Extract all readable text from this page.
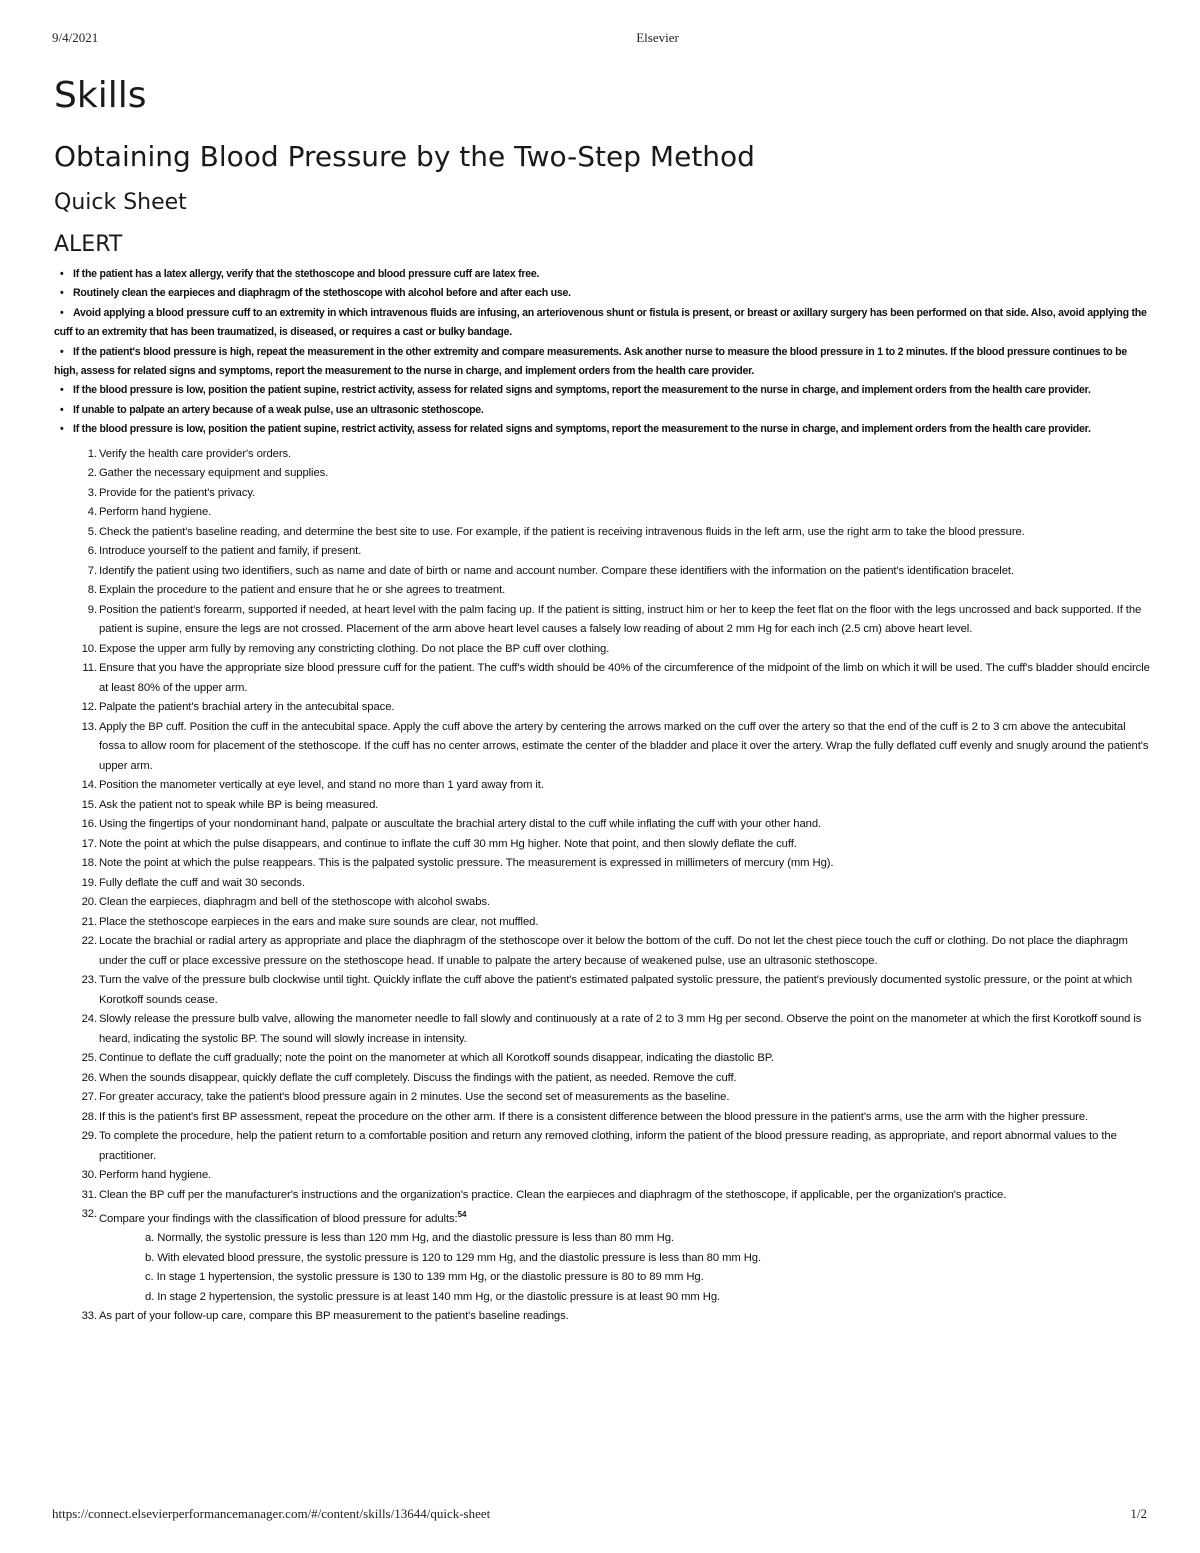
9/4/2021	Elsevier
Skills
Obtaining Blood Pressure by the Two-Step Method
Quick Sheet
ALERT
• If the patient has a latex allergy, verify that the stethoscope and blood pressure cuff are latex free.
• Routinely clean the earpieces and diaphragm of the stethoscope with alcohol before and after each use.
• Avoid applying a blood pressure cuff to an extremity in which intravenous fluids are infusing, an arteriovenous shunt or fistula is present, or breast or axillary surgery has been performed on that side. Also, avoid applying the cuff to an extremity that has been traumatized, is diseased, or requires a cast or bulky bandage.
• If the patient's blood pressure is high, repeat the measurement in the other extremity and compare measurements. Ask another nurse to measure the blood pressure in 1 to 2 minutes. If the blood pressure continues to be high, assess for related signs and symptoms, report the measurement to the nurse in charge, and implement orders from the health care provider.
• If the blood pressure is low, position the patient supine, restrict activity, assess for related signs and symptoms, report the measurement to the nurse in charge, and implement orders from the health care provider.
• If unable to palpate an artery because of a weak pulse, use an ultrasonic stethoscope.
• If the blood pressure is low, position the patient supine, restrict activity, assess for related signs and symptoms, report the measurement to the nurse in charge, and implement orders from the health care provider.
1. Verify the health care provider's orders.
2. Gather the necessary equipment and supplies.
3. Provide for the patient's privacy.
4. Perform hand hygiene.
5. Check the patient's baseline reading, and determine the best site to use. For example, if the patient is receiving intravenous fluids in the left arm, use the right arm to take the blood pressure.
6. Introduce yourself to the patient and family, if present.
7. Identify the patient using two identifiers, such as name and date of birth or name and account number. Compare these identifiers with the information on the patient's identification bracelet.
8. Explain the procedure to the patient and ensure that he or she agrees to treatment.
9. Position the patient's forearm, supported if needed, at heart level with the palm facing up. If the patient is sitting, instruct him or her to keep the feet flat on the floor with the legs uncrossed and back supported. If the patient is supine, ensure the legs are not crossed. Placement of the arm above heart level causes a falsely low reading of about 2 mm Hg for each inch (2.5 cm) above heart level.
10. Expose the upper arm fully by removing any constricting clothing. Do not place the BP cuff over clothing.
11. Ensure that you have the appropriate size blood pressure cuff for the patient. The cuff's width should be 40% of the circumference of the midpoint of the limb on which it will be used. The cuff's bladder should encircle at least 80% of the upper arm.
12. Palpate the patient's brachial artery in the antecubital space.
13. Apply the BP cuff. Position the cuff in the antecubital space. Apply the cuff above the artery by centering the arrows marked on the cuff over the artery so that the end of the cuff is 2 to 3 cm above the antecubital fossa to allow room for placement of the stethoscope. If the cuff has no center arrows, estimate the center of the bladder and place it over the artery. Wrap the fully deflated cuff evenly and snugly around the patient's upper arm.
14. Position the manometer vertically at eye level, and stand no more than 1 yard away from it.
15. Ask the patient not to speak while BP is being measured.
16. Using the fingertips of your nondominant hand, palpate or auscultate the brachial artery distal to the cuff while inflating the cuff with your other hand.
17. Note the point at which the pulse disappears, and continue to inflate the cuff 30 mm Hg higher. Note that point, and then slowly deflate the cuff.
18. Note the point at which the pulse reappears. This is the palpated systolic pressure. The measurement is expressed in millimeters of mercury (mm Hg).
19. Fully deflate the cuff and wait 30 seconds.
20. Clean the earpieces, diaphragm and bell of the stethoscope with alcohol swabs.
21. Place the stethoscope earpieces in the ears and make sure sounds are clear, not muffled.
22. Locate the brachial or radial artery as appropriate and place the diaphragm of the stethoscope over it below the bottom of the cuff. Do not let the chest piece touch the cuff or clothing. Do not place the diaphragm under the cuff or place excessive pressure on the stethoscope head. If unable to palpate the artery because of weakened pulse, use an ultrasonic stethoscope.
23. Turn the valve of the pressure bulb clockwise until tight. Quickly inflate the cuff above the patient's estimated palpated systolic pressure, the patient's previously documented systolic pressure, or the point at which Korotkoff sounds cease.
24. Slowly release the pressure bulb valve, allowing the manometer needle to fall slowly and continuously at a rate of 2 to 3 mm Hg per second. Observe the point on the manometer at which the first Korotkoff sound is heard, indicating the systolic BP. The sound will slowly increase in intensity.
25. Continue to deflate the cuff gradually; note the point on the manometer at which all Korotkoff sounds disappear, indicating the diastolic BP.
26. When the sounds disappear, quickly deflate the cuff completely. Discuss the findings with the patient, as needed. Remove the cuff.
27. For greater accuracy, take the patient's blood pressure again in 2 minutes. Use the second set of measurements as the baseline.
28. If this is the patient's first BP assessment, repeat the procedure on the other arm. If there is a consistent difference between the blood pressure in the patient's arms, use the arm with the higher pressure.
29. To complete the procedure, help the patient return to a comfortable position and return any removed clothing, inform the patient of the blood pressure reading, as appropriate, and report abnormal values to the practitioner.
30. Perform hand hygiene.
31. Clean the BP cuff per the manufacturer's instructions and the organization's practice. Clean the earpieces and diaphragm of the stethoscope, if applicable, per the organization's practice.
32. Compare your findings with the classification of blood pressure for adults:$^{54}$
a. Normally, the systolic pressure is less than 120 mm Hg, and the diastolic pressure is less than 80 mm Hg.
b. With elevated blood pressure, the systolic pressure is 120 to 129 mm Hg, and the diastolic pressure is less than 80 mm Hg.
c. In stage 1 hypertension, the systolic pressure is 130 to 139 mm Hg, or the diastolic pressure is 80 to 89 mm Hg.
d. In stage 2 hypertension, the systolic pressure is at least 140 mm Hg, or the diastolic pressure is at least 90 mm Hg.
33. As part of your follow-up care, compare this BP measurement to the patient's baseline readings.
https://connect.elsevierperformancemanager.com/#/content/skills/13644/quick-sheet	1/2
